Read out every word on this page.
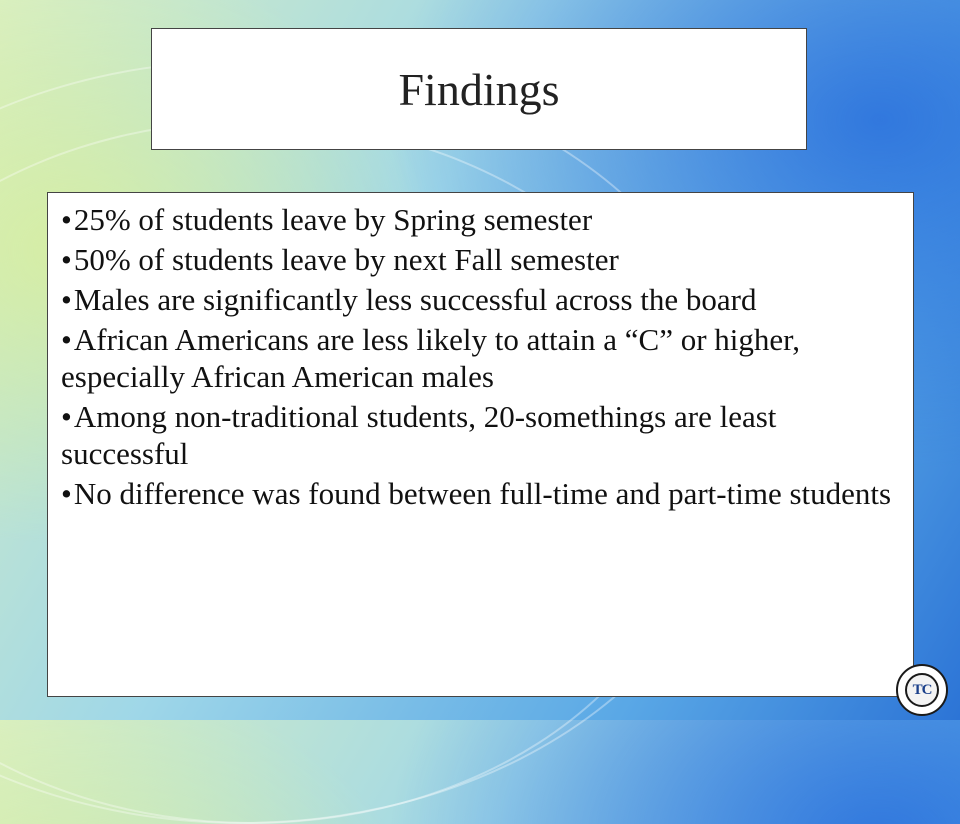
Findings
•25% of students leave by Spring semester
•50% of students leave by next Fall semester
•Males are significantly less successful across the board
•African Americans are less likely to attain a “C” or higher, especially African American males
•Among non-traditional students, 20-somethings are least successful
•No difference was found between full-time and part-time students
TC
